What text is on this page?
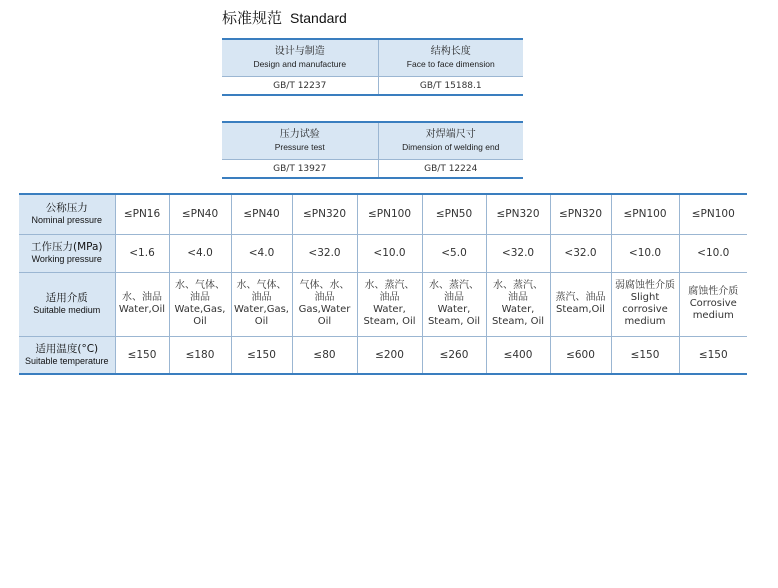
标准规范 Standard
设计与制造
Design and manufacture	结构长度
Face to face dimension

GB/T 12237	GB/T 15188.1
压力试验
Pressure test	对焊端尺寸
Dimension of welding end

GB/T 13927	GB/T 12224
公称压力
Nominal pressure	≤PN16	≤PN40	≤PN40	≤PN320	≤PN100	≤PN50	≤PN320	≤PN320	≤PN100	≤PN100

工作压力(MPa)
Working pressure	<1.6	<4.0	<4.0	<32.0	<10.0	<5.0	<32.0	<32.0	<10.0	<10.0

适用介质
Suitable medium	水、油品
Water,Oil	水、气体、
油品
Wate,Gas,
Oil	水、气体、
油品
Water,Gas,
Oil	气体、水、
油品
Gas,Water
Oil	水、蒸汽、
油品
Water,
Steam, Oil	水、蒸汽、
油品
Water,
Steam, Oil	水、蒸汽、
油品
Water,
Steam, Oil	蒸汽、油品
Steam,Oil	弱腐蚀性介质
Slight corrosive
medium	腐蚀性介质
Corrosive
medium

适用温度(°C)
Suitable temperature	≤150	≤180	≤150	≤80	≤200	≤260	≤400	≤600	≤150	≤150
